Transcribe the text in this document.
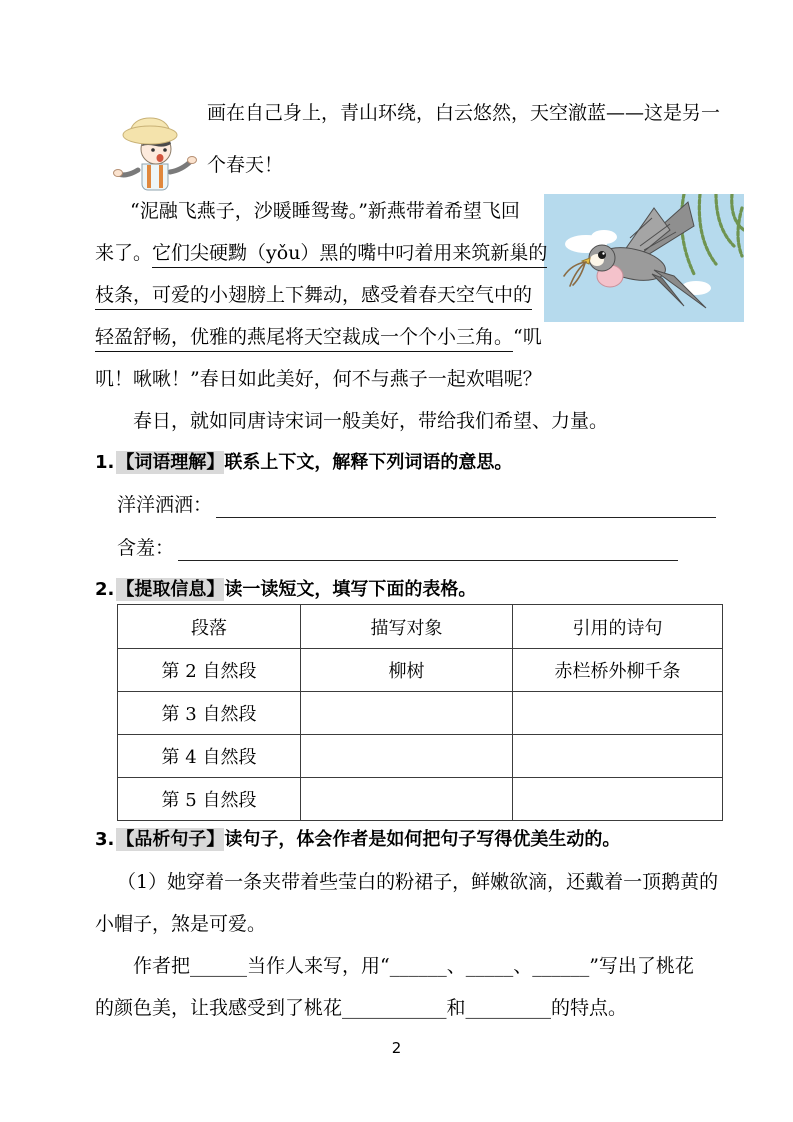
画在自己身上，青山环绕，白云悠然，天空澈蓝——这是另一
个春天！
“泥融飞燕子，沙暖睡鸳鸯。”新燕带着希望飞回
来了。它们尖硬黝（yǒu）黑的嘴中叼着用来筑新巢的
枝条，可爱的小翅膀上下舞动，感受着春天空气中的
轻盈舒畅，优雅的燕尾将天空裁成一个个小三角。“叽
叽！啾啾！”春日如此美好，何不与燕子一起欢唱呢？
春日，就如同唐诗宋词一般美好，带给我们希望、力量。
1. 【词语理解】联系上下文，解释下列词语的意思。
洋洋洒洒：
含羞：
2. 【提取信息】读一读短文，填写下面的表格。
段落	描写对象	引用的诗句
第 2 自然段	柳树	赤栏桥外柳千条
第 3 自然段		
第 4 自然段		
第 5 自然段		
3. 【品析句子】读句子，体会作者是如何把句子写得优美生动的。
（1）她穿着一条夹带着些莹白的粉裙子，鲜嫩欲滴，还戴着一顶鹅黄的
小帽子，煞是可爱。
作者把______当作人来写，用“______、_____、______”写出了桃花
的颜色美，让我感受到了桃花___________和_________的特点。
2
